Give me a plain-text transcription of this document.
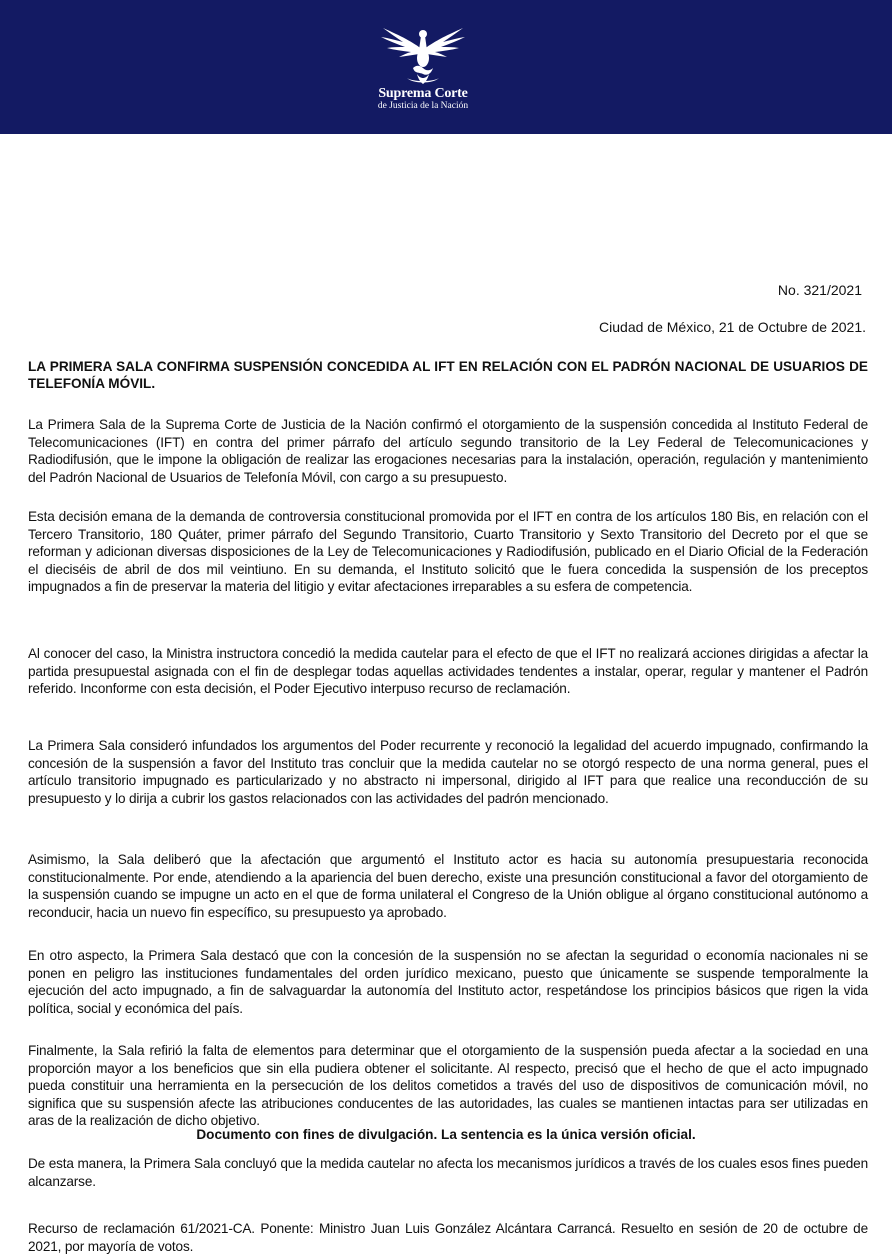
Suprema Corte
de Justicia de la Nación
No. 321/2021
Ciudad de México, 21 de Octubre de 2021.

LA PRIMERA SALA CONFIRMA SUSPENSIÓN CONCEDIDA AL IFT EN RELACIÓN CON EL PADRÓN NACIONAL DE USUARIOS DE TELEFONÍA MÓVIL.

La Primera Sala de la Suprema Corte de Justicia de la Nación confirmó el otorgamiento de la suspensión concedida al Instituto Federal de Telecomunicaciones (IFT) en contra del primer párrafo del artículo segundo transitorio de la Ley Federal de Telecomunicaciones y Radiodifusión, que le impone la obligación de realizar las erogaciones necesarias para la instalación, operación, regulación y mantenimiento del Padrón Nacional de Usuarios de Telefonía Móvil, con cargo a su presupuesto.

Esta decisión emana de la demanda de controversia constitucional promovida por el IFT en contra de los artículos 180 Bis, en relación con el Tercero Transitorio, 180 Quáter, primer párrafo del Segundo Transitorio, Cuarto Transitorio y Sexto Transitorio del Decreto por el que se reforman y adicionan diversas disposiciones de la Ley de Telecomunicaciones y Radiodifusión, publicado en el Diario Oficial de la Federación el dieciséis de abril de dos mil veintiuno. En su demanda, el Instituto solicitó que le fuera concedida la suspensión de los preceptos impugnados a fin de preservar la materia del litigio y evitar afectaciones irreparables a su esfera de competencia.

Al conocer del caso, la Ministra instructora concedió la medida cautelar para el efecto de que el IFT no realizará acciones dirigidas a afectar la partida presupuestal asignada con el fin de desplegar todas aquellas actividades tendentes a instalar, operar, regular y mantener el Padrón referido. Inconforme con esta decisión, el Poder Ejecutivo interpuso recurso de reclamación.

La Primera Sala consideró infundados los argumentos del Poder recurrente y reconoció la legalidad del acuerdo impugnado, confirmando la concesión de la suspensión a favor del Instituto tras concluir que la medida cautelar no se otorgó respecto de una norma general, pues el artículo transitorio impugnado es particularizado y no abstracto ni impersonal, dirigido al IFT para que realice una reconducción de su presupuesto y lo dirija a cubrir los gastos relacionados con las actividades del padrón mencionado.

Asimismo, la Sala deliberó que la afectación que argumentó el Instituto actor es hacia su autonomía presupuestaria reconocida constitucionalmente. Por ende, atendiendo a la apariencia del buen derecho, existe una presunción constitucional a favor del otorgamiento de la suspensión cuando se impugne un acto en el que de forma unilateral el Congreso de la Unión obligue al órgano constitucional autónomo a reconducir, hacia un nuevo fin específico, su presupuesto ya aprobado.

En otro aspecto, la Primera Sala destacó que con la concesión de la suspensión no se afectan la seguridad o economía nacionales ni se ponen en peligro las instituciones fundamentales del orden jurídico mexicano, puesto que únicamente se suspende temporalmente la ejecución del acto impugnado, a fin de salvaguardar la autonomía del Instituto actor, respetándose los principios básicos que rigen la vida política, social y económica del país.

Finalmente, la Sala refirió la falta de elementos para determinar que el otorgamiento de la suspensión pueda afectar a la sociedad en una proporción mayor a los beneficios que sin ella pudiera obtener el solicitante. Al respecto, precisó que el hecho de que el acto impugnado pueda constituir una herramienta en la persecución de los delitos cometidos a través del uso de dispositivos de comunicación móvil, no significa que su suspensión afecte las atribuciones conducentes de las autoridades, las cuales se mantienen intactas para ser utilizadas en aras de la realización de dicho objetivo.

De esta manera, la Primera Sala concluyó que la medida cautelar no afecta los mecanismos jurídicos a través de los cuales esos fines pueden alcanzarse.

Recurso de reclamación 61/2021-CA. Ponente: Ministro Juan Luis González Alcántara Carrancá. Resuelto en sesión de 20 de octubre de 2021, por mayoría de votos.

Documento con fines de divulgación. La sentencia es la única versión oficial.
